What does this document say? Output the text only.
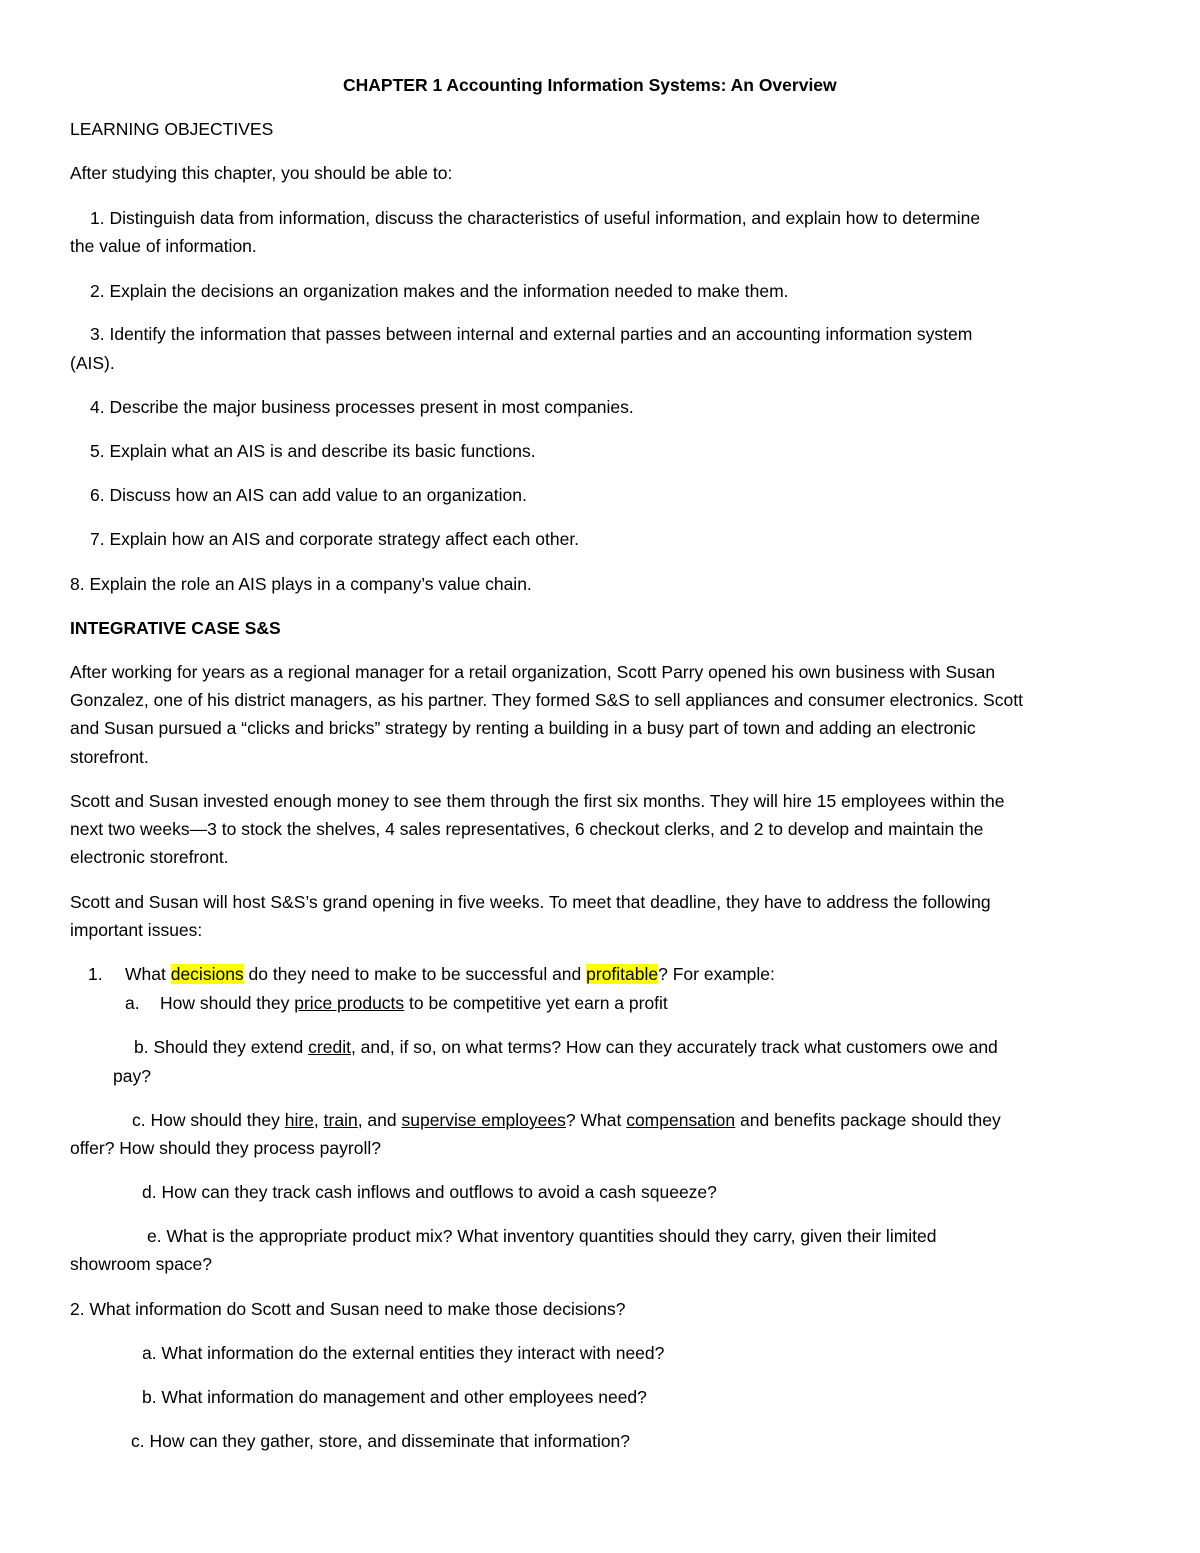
CHAPTER 1 Accounting Information Systems: An Overview
LEARNING OBJECTIVES
After studying this chapter, you should be able to:
1. Distinguish data from information, discuss the characteristics of useful information, and explain how to determine
the value of information.
2. Explain the decisions an organization makes and the information needed to make them.
3. Identify the information that passes between internal and external parties and an accounting information system
(AIS).
4. Describe the major business processes present in most companies.
5. Explain what an AIS is and describe its basic functions.
6. Discuss how an AIS can add value to an organization.
7. Explain how an AIS and corporate strategy affect each other.
8. Explain the role an AIS plays in a company’s value chain.
INTEGRATIVE CASE S&S
After working for years as a regional manager for a retail organization, Scott Parry opened his own business with Susan
Gonzalez, one of his district managers, as his partner. They formed S&S to sell appliances and consumer electronics. Scott
and Susan pursued a “clicks and bricks” strategy by renting a building in a busy part of town and adding an electronic
storefront.
Scott and Susan invested enough money to see them through the first six months. They will hire 15 employees within the
next two weeks—3 to stock the shelves, 4 sales representatives, 6 checkout clerks, and 2 to develop and maintain the
electronic storefront.
Scott and Susan will host S&S’s grand opening in five weeks. To meet that deadline, they have to address the following
important issues:
1. What decisions do they need to make to be successful and profitable? For example:
a. How should they price products to be competitive yet earn a profit
b. Should they extend credit, and, if so, on what terms? How can they accurately track what customers owe and
pay?
c. How should they hire, train, and supervise employees? What compensation and benefits package should they
offer? How should they process payroll?
d. How can they track cash inflows and outflows to avoid a cash squeeze?
e. What is the appropriate product mix? What inventory quantities should they carry, given their limited
showroom space?
2. What information do Scott and Susan need to make those decisions?
a. What information do the external entities they interact with need?
b. What information do management and other employees need?
c. How can they gather, store, and disseminate that information?
